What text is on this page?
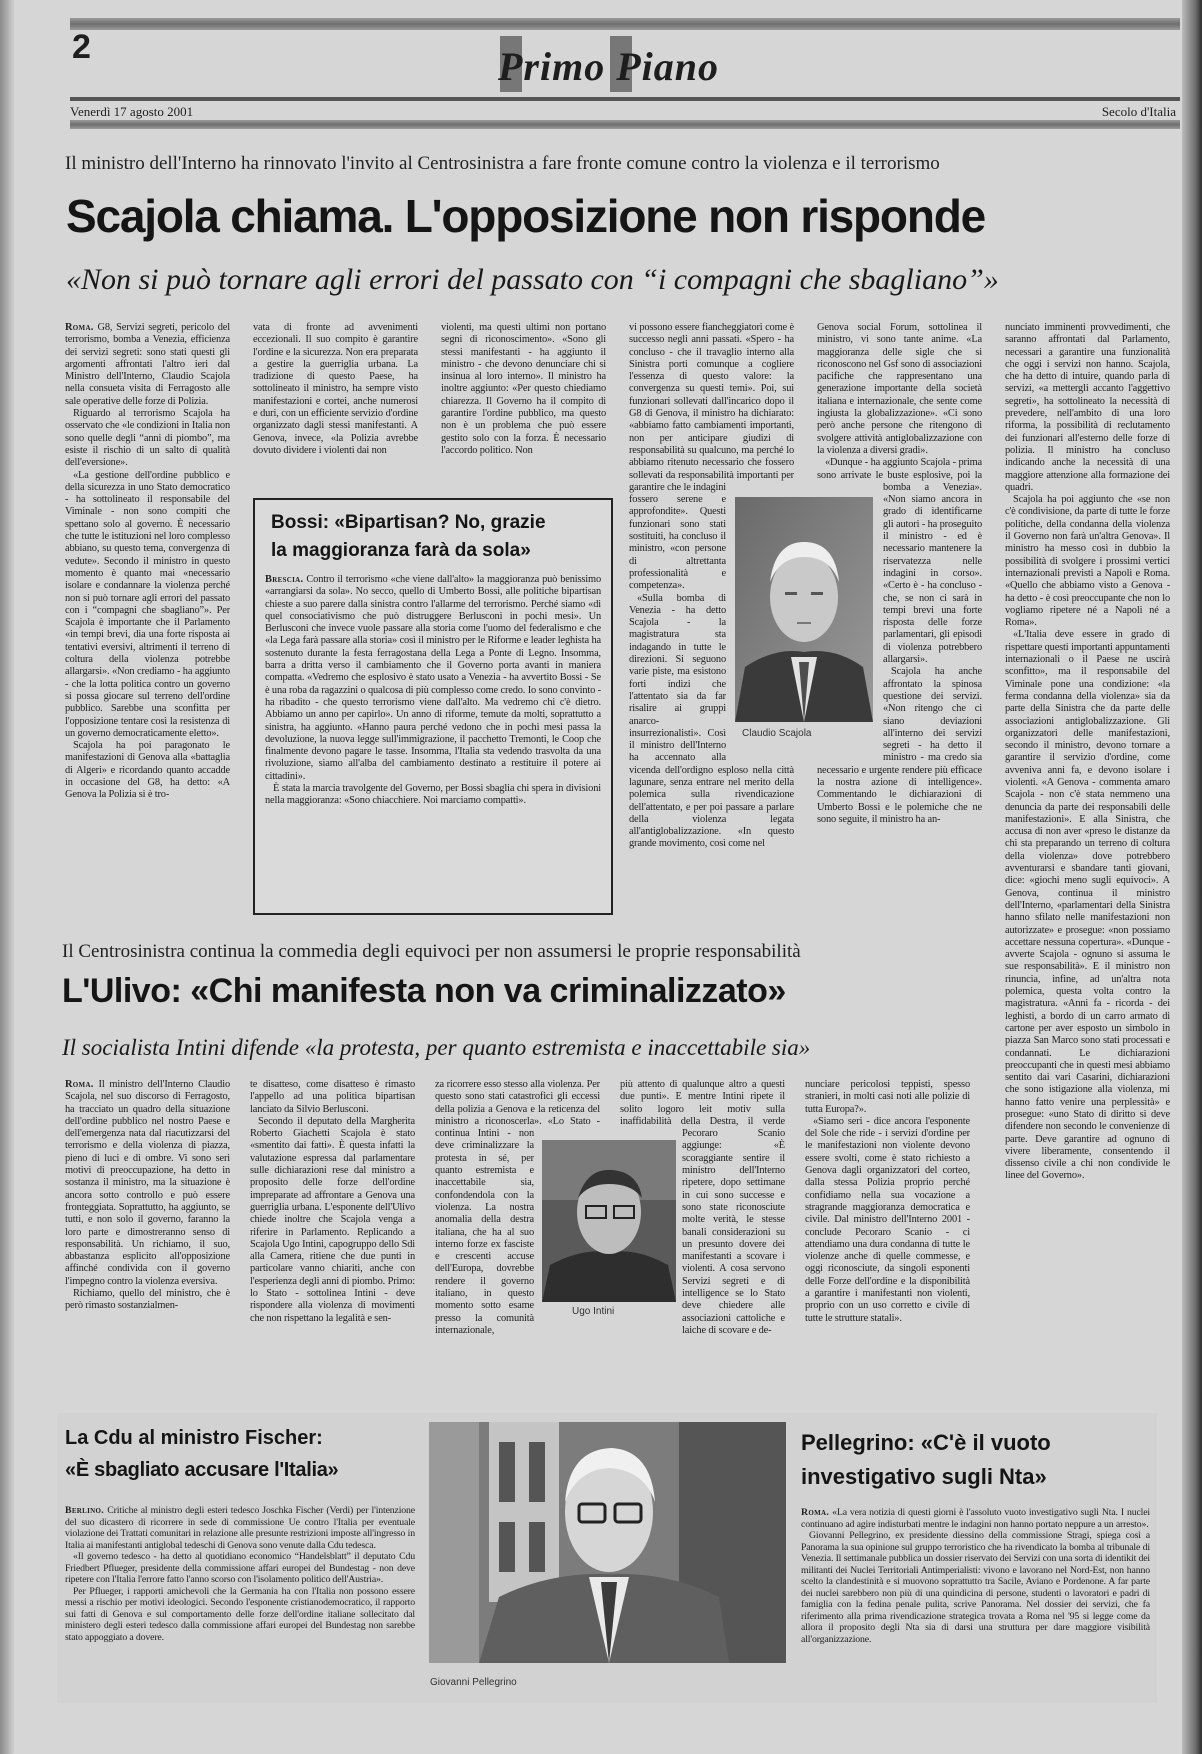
2	Primo Piano
Venerdì 17 agosto 2001	Secolo d'Italia
Il ministro dell'Interno ha rinnovato l'invito al Centrosinistra a fare fronte comune contro la violenza e il terrorismo
Scajola chiama. L'opposizione non risponde
«Non si può tornare agli errori del passato con “i compagni che sbagliano”»

Roma. G8, Servizi segreti, pericolo del terrorismo, bomba a Venezia, efficienza dei servizi segreti: sono stati questi gli argomenti affrontati l'altro ieri dal Ministro dell'Interno, Claudio Scajola nella consueta visita di Ferragosto alle sale operative delle forze di Polizia.

Riguardo al terrorismo Scajola ha osservato che «le condizioni in Italia non sono quelle degli “anni di piombo”, ma esiste il rischio di un salto di qualità dell'eversione».

«La gestione dell'ordine pubblico e della sicurezza in uno Stato democratico - ha sottolineato il responsabile del Viminale - non sono compiti che spettano solo al governo. È necessario che tutte le istituzioni nel loro complesso abbiano, su questo tema, convergenza di vedute». Secondo il ministro in questo momento è quanto mai «necessario isolare e condannare la violenza perché non si può tornare agli errori del passato con i “compagni che sbagliano”». Per Scajola è importante che il Parlamento «in tempi brevi, dia una forte risposta ai tentativi eversivi, altrimenti il terreno di coltura della violenza potrebbe allargarsi». «Non crediamo - ha aggiunto - che la lotta politica contro un governo si possa giocare sul terreno dell'ordine pubblico. Sarebbe una sconfitta per l'opposizione tentare così la resistenza di un governo democraticamente eletto».

Scajola ha poi paragonato le manifestazioni di Genova alla «battaglia di Algeri» e ricordando quanto accadde in occasione del G8, ha detto: «A Genova la Polizia si è tro-

vata di fronte ad avvenimenti eccezionali. Il suo compito è garantire l'ordine e la sicurezza. Non era preparata a gestire la guerriglia urbana. La tradizione di questo Paese, ha sottolineato il ministro, ha sempre visto manifestazioni e cortei, anche numerosi e duri, con un efficiente servizio d'ordine organizzato dagli stessi manifestanti. A Genova, invece, «la Polizia avrebbe dovuto dividere i violenti dai non

violenti, ma questi ultimi non portano segni di riconoscimento». «Sono gli stessi manifestanti - ha aggiunto il ministro - che devono denunciare chi si insinua al loro interno». Il ministro ha inoltre aggiunto: «Per questo chiediamo chiarezza. Il Governo ha il compito di garantire l'ordine pubblico, ma questo non è un problema che può essere gestito solo con la forza. È necessario l'accordo politico. Non

vi possono essere fiancheggiatori come è successo negli anni passati. «Spero - ha concluso - che il travaglio interno alla Sinistra porti comunque a cogliere l'essenza di questo valore: la convergenza su questi temi». Poi, sui funzionari sollevati dall'incarico dopo il G8 di Genova, il ministro ha dichiarato: «abbiamo fatto cambiamenti importanti, non per anticipare giudizi di responsabilità su qualcuno, ma perché lo abbiamo ritenuto necessario che fossero sollevati da responsabilità importanti per garantire che le indagini fossero serene e approfondite». Questi funzionari sono stati sostituiti, ha concluso il ministro, «con persone di altrettanta professionalità e competenza».

«Sulla bomba di Venezia - ha detto Scajola - la magistratura sta indagando in tutte le direzioni. Si seguono varie piste, ma esistono forti indizi che l'attentato sia da far risalire ai gruppi anarco-insurrezionalisti». Così il ministro dell'Interno ha accennato alla vicenda dell'ordigno esploso nella città lagunare, senza entrare nel merito della polemica sulla rivendicazione dell'attentato, e per poi passare a parlare della violenza legata all'antiglobalizzazione. «In questo grande movimento, così come nel

Genova social Forum, sottolinea il ministro, vi sono tante anime. «La maggioranza delle sigle che si riconoscono nel Gsf sono di associazioni pacifiche che rappresentano una generazione importante della società italiana e internazionale, che sente come ingiusta la globalizzazione». «Ci sono però anche persone che ritengono di svolgere attività antiglobalizzazione con la violenza a diversi gradi».

«Dunque - ha aggiunto Scajola - prima sono arrivate le buste esplosive, poi la bomba a Venezia». «Non siamo ancora in grado di identificarne gli autori - ha proseguito il ministro - ed è necessario mantenere la riservatezza nelle indagini in corso». «Certo è - ha concluso - che, se non ci sarà in tempi brevi una forte risposta delle forze parlamentari, gli episodi di violenza potrebbero allargarsi».

Scajola ha anche affrontato la spinosa questione dei servizi. «Non ritengo che ci siano deviazioni all'interno dei servizi segreti - ha detto il ministro - ma credo sia necessario e urgente rendere più efficace la nostra azione di intelligence». Commentando le dichiarazioni di Umberto Bossi e le polemiche che ne sono seguite, il ministro ha an-

nunciato imminenti provvedimenti, che saranno affrontati dal Parlamento, necessari a garantire una funzionalità che oggi i servizi non hanno. Scajola, che ha detto di intuire, quando parla di servizi, «a mettergli accanto l'aggettivo segreti», ha sottolineato la necessità di prevedere, nell'ambito di una loro riforma, la possibilità di reclutamento dei funzionari all'esterno delle forze di polizia. Il ministro ha concluso indicando anche la necessità di una maggiore attenzione alla formazione dei quadri.

Scajola ha poi aggiunto che «se non c'è condivisione, da parte di tutte le forze politiche, della condanna della violenza il Governo non farà un'altra Genova». Il ministro ha messo così in dubbio la possibilità di svolgere i prossimi vertici internazionali previsti a Napoli e Roma. «Quello che abbiamo visto a Genova - ha detto - è così preoccupante che non lo vogliamo ripetere né a Napoli né a Roma».

«L'Italia deve essere in grado di rispettare questi importanti appuntamenti internazionali o il Paese ne uscirà sconfitto», ma il responsabile del Viminale pone una condizione: «la ferma condanna della violenza» sia da parte della Sinistra che da parte delle associazioni antiglobalizzazione. Gli organizzatori delle manifestazioni, secondo il ministro, devono tornare a garantire il servizio d'ordine, come avveniva anni fa, e devono isolare i violenti. «A Genova - commenta amaro Scajola - non c'è stata nemmeno una denuncia da parte dei responsabili delle manifestazioni». E alla Sinistra, che accusa di non aver «preso le distanze da chi sta preparando un terreno di coltura della violenza» dove potrebbero avventurarsi e sbandare tanti giovani, dice: «giochi meno sugli equivoci». A Genova, continua il ministro dell'Interno, «parlamentari della Sinistra hanno sfilato nelle manifestazioni non autorizzate» e prosegue: «non possiamo accettare nessuna copertura». «Dunque - avverte Scajola - ognuno si assuma le sue responsabilità». E il ministro non rinuncia, infine, ad un'altra nota polemica, questa volta contro la magistratura. «Anni fa - ricorda - dei leghisti, a bordo di un carro armato di cartone per aver esposto un simbolo in piazza San Marco sono stati processati e condannati. Le dichiarazioni preoccupanti che in questi mesi abbiamo sentito dai vari Casarini, dichiarazioni che sono istigazione alla violenza, mi hanno fatto venire una perplessità» e prosegue: «uno Stato di diritto si deve difendere non secondo le convenienze di parte. Deve garantire ad ognuno di vivere liberamente, consentendo il dissenso civile a chi non condivide le linee del Governo».

Claudio Scajola
Bossi: «Bipartisan? No, grazie
la maggioranza farà da sola»

Brescia. Contro il terrorismo «che viene dall'alto» la maggioranza può benissimo «arrangiarsi da sola». No secco, quello di Umberto Bossi, alle politiche bipartisan chieste a suo parere dalla sinistra contro l'allarme del terrorismo. Perché siamo «di quel consociativismo che può distruggere Berlusconi in pochi mesi». Un Berlusconi che invece vuole passare alla storia come l'uomo del federalismo e che «la Lega farà passare alla storia» così il ministro per le Riforme e leader leghista ha sostenuto durante la festa ferragostana della Lega a Ponte di Legno. Insomma, barra a dritta verso il cambiamento che il Governo porta avanti in maniera compatta. «Vedremo che esplosivo è stato usato a Venezia - ha avvertito Bossi - Se è una roba da ragazzini o qualcosa di più complesso come credo. Io sono convinto - ha ribadito - che questo terrorismo viene dall'alto. Ma vedremo chi c'è dietro. Abbiamo un anno per capirlo». Un anno di riforme, temute da molti, soprattutto a sinistra, ha aggiunto. «Hanno paura perché vedono che in pochi mesi passa la devoluzione, la nuova legge sull'immigrazione, il pacchetto Tremonti, le Coop che finalmente devono pagare le tasse. Insomma, l'Italia sta vedendo trasvolta da una rivoluzione, siamo all'alba del cambiamento destinato a restituire il potere ai cittadini».

È stata la marcia travolgente del Governo, per Bossi sbaglia chi spera in divisioni nella maggioranza: «Sono chiacchiere. Noi marciamo compatti».

Il Centrosinistra continua la commedia degli equivoci per non assumersi le proprie responsabilità
L'Ulivo: «Chi manifesta non va criminalizzato»
Il socialista Intini difende «la protesta, per quanto estremista e inaccettabile sia»

Roma. Il ministro dell'Interno Claudio Scajola, nel suo discorso di Ferragosto, ha tracciato un quadro della situazione dell'ordine pubblico nel nostro Paese e dell'emergenza nata dal riacutizzarsi del terrorismo e della violenza di piazza, pieno di luci e di ombre. Vi sono seri motivi di preoccupazione, ha detto in sostanza il ministro, ma la situazione è ancora sotto controllo e può essere fronteggiata. Soprattutto, ha aggiunto, se tutti, e non solo il governo, faranno la loro parte e dimostreranno senso di responsabilità. Un richiamo, il suo, abbastanza esplicito all'opposizione affinché condivida con il governo l'impegno contro la violenza eversiva.

Richiamo, quello del ministro, che è però rimasto sostanzialmen-

te disatteso, come disatteso è rimasto l'appello ad una politica bipartisan lanciato da Silvio Berlusconi.

Secondo il deputato della Margherita Roberto Giachetti Scajola è stato «smentito dai fatti». È questa infatti la valutazione espressa dal parlamentare sulle dichiarazioni rese dal ministro a proposito delle forze dell'ordine impreparate ad affrontare a Genova una guerriglia urbana. L'esponente dell'Ulivo chiede inoltre che Scajola venga a riferire in Parlamento. Replicando a Scajola Ugo Intini, capogruppo dello Sdi alla Camera, ritiene che due punti in particolare vanno chiariti, anche con l'esperienza degli anni di piombo. Primo: lo Stato - sottolinea Intini - deve rispondere alla violenza di movimenti che non rispettano la legalità e sen-

za ricorrere esso stesso alla violenza. Per questo sono stati catastrofici gli eccessi della polizia a Genova e la reticenza del ministro a riconoscerla». «Lo Stato - continua Intini - non deve criminalizzare la protesta in sé, per quanto estremista e inaccettabile sia, confondendola con la violenza. La nostra anomalia della destra italiana, che ha al suo interno forze ex fasciste e crescenti accuse dell'Europa, dovrebbe rendere il governo italiano, in questo momento sotto esame presso la comunità internazionale,

più attento di qualunque altro a questi due punti». E mentre Intini ripete il solito logoro leit motiv sulla inaffidabilità della Destra, il verde Pecoraro Scanio aggiunge: «È scoraggiante sentire il ministro dell'Interno ripetere, dopo settimane in cui sono successe e sono state riconosciute molte verità, le stesse banali considerazioni su un presunto dovere dei manifestanti a scovare i violenti. A cosa servono Servizi segreti e di intelligence se lo Stato deve chiedere alle associazioni cattoliche e laiche di scovare e de-

nunciare pericolosi teppisti, spesso stranieri, in molti casi noti alle polizie di tutta Europa?».

«Siamo seri - dice ancora l'esponente del Sole che ride - i servizi d'ordine per le manifestazioni non violente devono essere svolti, come è stato richiesto a Genova dagli organizzatori del corteo, dalla stessa Polizia proprio perché confidiamo nella sua vocazione a stragrande maggioranza democratica e civile. Dal ministro dell'Interno 2001 - conclude Pecoraro Scanio - ci attendiamo una dura condanna di tutte le violenze anche di quelle commesse, e oggi riconosciute, da singoli esponenti delle Forze dell'ordine e la disponibilità a garantire i manifestanti non violenti, proprio con un uso corretto e civile di tutte le strutture statali».

Ugo Intini
La Cdu al ministro Fischer:
«È sbagliato accusare l'Italia»

Berlino. Critiche al ministro degli esteri tedesco Joschka Fischer (Verdi) per l'intenzione del suo dicastero di ricorrere in sede di commissione Ue contro l'Italia per eventuale violazione dei Trattati comunitari in relazione alle presunte restrizioni imposte all'ingresso in Italia ai manifestanti antiglobal tedeschi di Genova sono venute dalla Cdu tedesca.

«Il governo tedesco - ha detto al quotidiano economico “Handelsblatt” il deputato Cdu Friedbert Pflueger, presidente della commissione affari europei del Bundestag - non deve ripetere con l'Italia l'errore fatto l'anno scorso con l'isolamento politico dell'Austria».

Per Pflueger, i rapporti amichevoli che la Germania ha con l'Italia non possono essere messi a rischio per motivi ideologici. Secondo l'esponente cristianodemocratico, il rapporto sui fatti di Genova e sul comportamento delle forze dell'ordine italiane sollecitato dal ministero degli esteri tedesco dalla commissione affari europei del Bundestag non sarebbe stato appoggiato a dovere.

Giovanni Pellegrino
Pellegrino: «C'è il vuoto
investigativo sugli Nta»

Roma. «La vera notizia di questi giorni è l'assoluto vuoto investigativo sugli Nta. I nuclei continuano ad agire indisturbati mentre le indagini non hanno portato neppure a un arresto».

Giovanni Pellegrino, ex presidente diessino della commissione Stragi, spiega così a Panorama la sua opinione sul gruppo terroristico che ha rivendicato la bomba al tribunale di Venezia. Il settimanale pubblica un dossier riservato dei Servizi con una sorta di identikit dei militanti dei Nuclei Territoriali Antimperialisti: vivono e lavorano nel Nord-Est, non hanno scelto la clandestinità e si muovono soprattutto tra Sacile, Aviano e Pordenone. A far parte dei nuclei sarebbero non più di una quindicina di persone, studenti o lavoratori e padri di famiglia con la fedina penale pulita, scrive Panorama. Nel dossier dei servizi, che fa riferimento alla prima rivendicazione strategica trovata a Roma nel '95 si legge come da allora il proposito degli Nta sia di darsi una struttura per dare maggiore visibilità all'organizzazione.
